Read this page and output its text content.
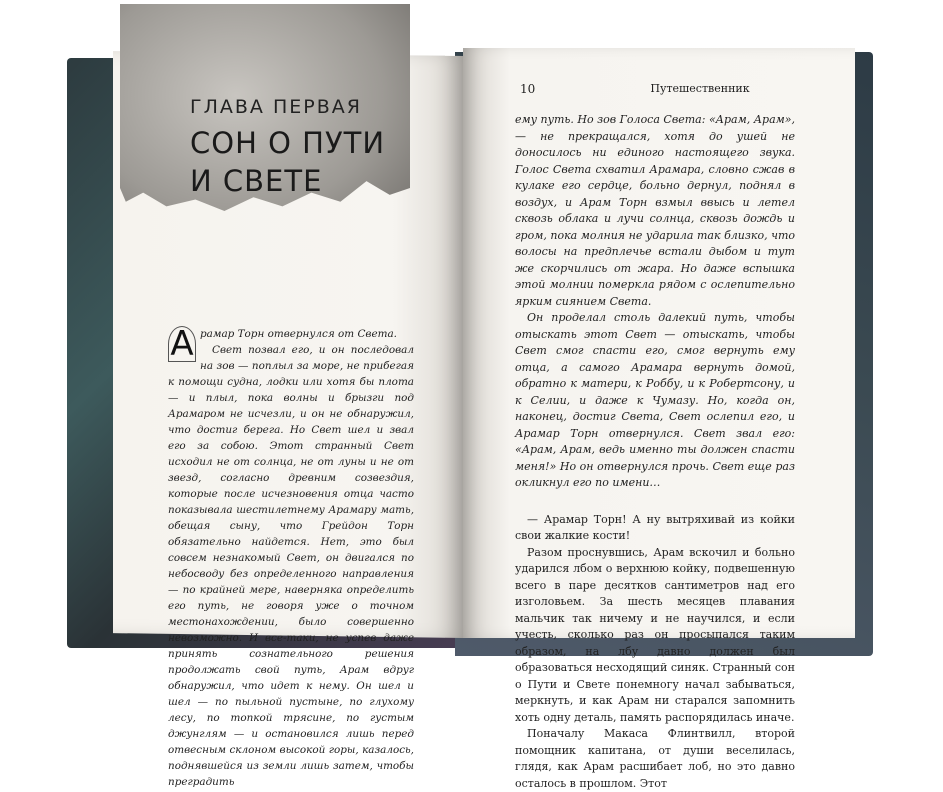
ГЛАВА ПЕРВАЯ
СОН О ПУТИ И СВЕТЕ
А рамар Торн отвернулся от Света.

Свет позвал его, и он последовал на зов — поплыл за море, не прибегая к помощи судна, лодки или хотя бы плота — и плыл, пока волны и брызги под Арамаром не исчезли, и он не обнаружил, что достиг берега. Но Свет шел и звал его за собою. Этот странный Свет исходил не от солнца, не от луны и не от звезд, согласно древним созвездия, которые после исчезновения отца часто показывала шестилетнему Арамару мать, обещая сыну, что Грейдон Торн обязательно найдется. Нет, это был совсем незнакомый Свет, он двигался по небосводу без определенного направления — по крайней мере, наверняка определить его путь, не говоря уже о точном местонахождении, было совершенно невозможно. И все-таки, не успев даже принять сознательного решения продолжать свой путь, Арам вдруг обнаружил, что идет к нему. Он шел и шел — по пыльной пустыне, по глухому лесу, по топкой трясине, по густым джунглям — и остановился лишь перед отвесным склоном высокой горы, казалось, поднявшейся из земли лишь затем, чтобы преградить

10	Путешественник

ему путь. Но зов Голоса Света: «Арам, Арам», — не прекращался, хотя до ушей не доносилось ни единого настоящего звука. Голос Света схватил Арамара, словно сжав в кулаке его сердце, больно дернул, поднял в воздух, и Арам Торн взмыл ввысь и летел сквозь облака и лучи солнца, сквозь дождь и гром, пока молния не ударила так близко, что волосы на предплечье встали дыбом и тут же скорчились от жара. Но даже вспышка этой молнии померкла рядом с ослепительно ярким сиянием Света.

Он проделал столь далекий путь, чтобы отыскать этот Свет — отыскать, чтобы Свет смог спасти его, смог вернуть ему отца, а самого Арамара вернуть домой, обратно к матери, к Роббу, и к Робертсону, и к Селии, и даже к Чумазу. Но, когда он, наконец, достиг Света, Свет ослепил его, и Арамар Торн отвернулся. Свет звал его: «Арам, Арам, ведь именно ты должен спасти меня!» Но он отвернулся прочь. Свет еще раз окликнул его по имени…

— Арамар Торн! А ну вытряхивай из койки свои жалкие кости!

Разом проснувшись, Арам вскочил и больно ударился лбом о верхнюю койку, подвешенную всего в паре десятков сантиметров над его изголовьем. За шесть месяцев плавания мальчик так ничему и не научился, и если учесть, сколько раз он просыпался таким образом, на лбу давно должен был образоваться несходящий синяк. Странный сон о Пути и Свете понемногу начал забываться, меркнуть, и как Арам ни старался запомнить хоть одну деталь, память распорядилась иначе.

Поначалу Макаса Флинтвилл, второй помощник капитана, от души веселилась, глядя, как Арам расшибает лоб, но это давно осталось в прошлом. Этот
